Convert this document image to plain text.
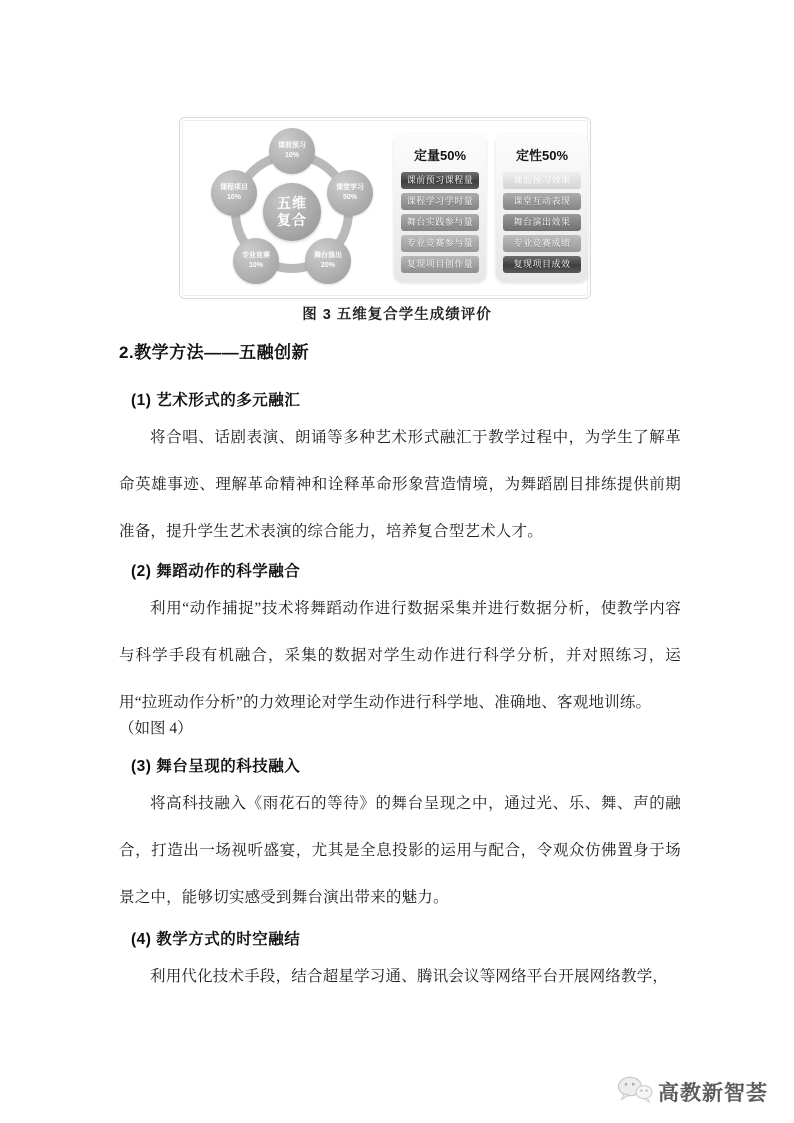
课前预习
10%
课堂学习
50%
舞台演出
20%
专业竞赛
10%
课程项目
10%	五维
复合
定量50%
课前预习课程量
课程学习学时量
舞台实践参与量
专业竞赛参与量
复现项目创作量
定性50%
课前预习效果
课堂互动表现
舞台演出效果
专业竞赛成绩
复现项目成效
图 3 五维复合学生成绩评价
2.教学方法——五融创新
(1) 艺术形式的多元融汇

将合唱、话剧表演、朗诵等多种艺术形式融汇于教学过程中，为学生了解革命英雄事迹、理解革命精神和诠释革命形象营造情境，为舞蹈剧目排练提供前期准备，提升学生艺术表演的综合能力，培养复合型艺术人才。

(2) 舞蹈动作的科学融合

利用“动作捕捉”技术将舞蹈动作进行数据采集并进行数据分析，使教学内容与科学手段有机融合，采集的数据对学生动作进行科学分析，并对照练习，运用“拉班动作分析”的力效理论对学生动作进行科学地、准确地、客观地训练。

（如图 4）

(3) 舞台呈现的科技融入

将高科技融入《雨花石的等待》的舞台呈现之中，通过光、乐、舞、声的融合，打造出一场视听盛宴，尤其是全息投影的运用与配合，令观众仿佛置身于场景之中，能够切实感受到舞台演出带来的魅力。

(4) 教学方式的时空融结

利用代化技术手段，结合超星学习通、腾讯会议等网络平台开展网络教学，

高教新智荟
